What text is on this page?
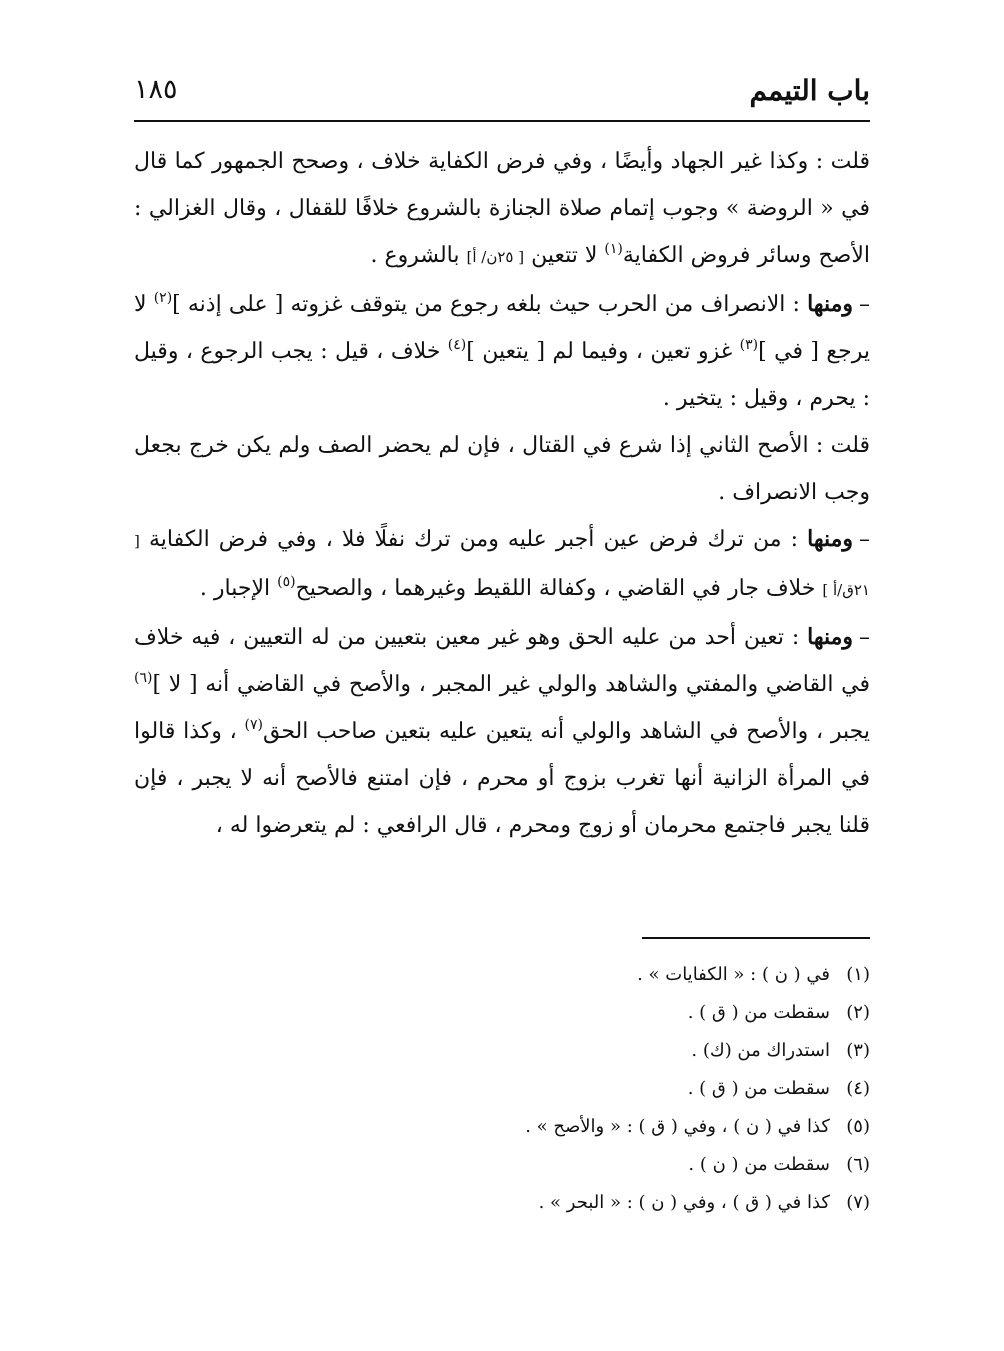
باب التيمم
١٨٥

قلت : وكذا غير الجهاد وأيضًا ، وفي فرض الكفاية خلاف ، وصحح الجمهور كما قال في « الروضة » وجوب إتمام صلاة الجنازة بالشروع خلافًا للقفال ، وقال الغزالي : الأصح وسائر فروض الكفاية$^{(١)}$ لا تتعين [ ٢٥ن/ أ] بالشروع .

–ومنها : الانصراف من الحرب حيث بلغه رجوع من يتوقف غزوته [ على إذنه ]$^{(٢)}$ لا يرجع [ في ]$^{(٣)}$ غزو تعين ، وفيما لم [ يتعين ]$^{(٤)}$ خلاف ، قيل : يجب الرجوع ، وقيل : يحرم ، وقيل : يتخير .

قلت : الأصح الثاني إذا شرع في القتال ، فإن لم يحضر الصف ولم يكن خرج بجعل وجب الانصراف .

–ومنها : من ترك فرض عين أجبر عليه ومن ترك نفلًا فلا ، وفي فرض الكفاية [ ٢١ق/أ ] خلاف جار في القاضي ، وكفالة اللقيط وغيرهما ، والصحيح$^{(٥)}$ الإجبار .

–ومنها : تعين أحد من عليه الحق وهو غير معين بتعيين من له التعيين ، فيه خلاف في القاضي والمفتي والشاهد والولي غير المجبر ، والأصح في القاضي أنه [ لا ]$^{(٦)}$ يجبر ، والأصح في الشاهد والولي أنه يتعين عليه بتعين صاحب الحق$^{(٧)}$ ، وكذا قالوا في المرأة الزانية أنها تغرب بزوج أو محرم ، فإن امتنع فالأصح أنه لا يجبر ، فإن قلنا يجبر فاجتمع محرمان أو زوج ومحرم ، قال الرافعي : لم يتعرضوا له ،

(١)في ( ن ) : « الكفايات » .
(٢)سقطت من ( ق ) .
(٣)استدراك من (ك) .
(٤)سقطت من ( ق ) .
(٥)كذا في ( ن ) ، وفي ( ق ) : « والأصح » .
(٦)سقطت من ( ن ) .
(٧)كذا في ( ق ) ، وفي ( ن ) : « البحر » .
